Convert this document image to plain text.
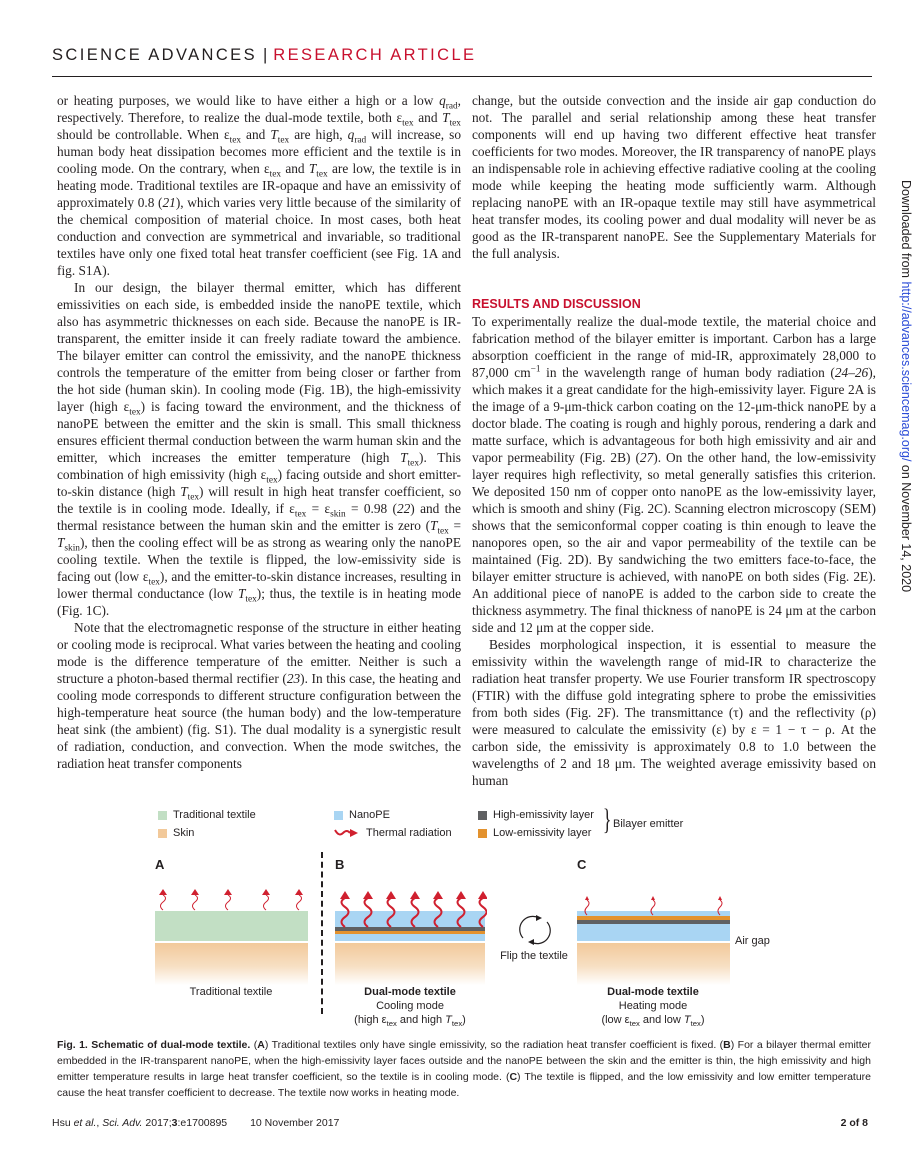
SCIENCE ADVANCES | RESEARCH ARTICLE

or heating purposes, we would like to have either a high or a low $q_{rad}$, respectively. Therefore, to realize the dual-mode textile, both $\varepsilon_{tex}$ and $T_{tex}$ should be controllable. When $\varepsilon_{tex}$ and $T_{tex}$ are high, $q_{rad}$ will increase, so human body heat dissipation becomes more efficient and the textile is in cooling mode. On the contrary, when $\varepsilon_{tex}$ and $T_{tex}$ are low, the textile is in heating mode. Traditional textiles are IR-opaque and have an emissivity of approximately 0.8 (21), which varies very little because of the similarity of the chemical composition of material choice. In most cases, both heat conduction and convection are symmetrical and invariable, so traditional textiles have only one fixed total heat transfer coefficient (see Fig. 1A and fig. S1A).

In our design, the bilayer thermal emitter, which has different emissivities on each side, is embedded inside the nanoPE textile, which also has asymmetric thicknesses on each side. Because the nanoPE is IR-transparent, the emitter inside it can freely radiate toward the ambience. The bilayer emitter can control the emissivity, and the nanoPE thickness controls the temperature of the emitter from being closer or farther from the hot side (human skin). In cooling mode (Fig. 1B), the high-emissivity layer (high $\varepsilon_{tex}$) is facing toward the environment, and the thickness of nanoPE between the emitter and the skin is small. This small thickness ensures efficient thermal conduction between the warm human skin and the emitter, which increases the emitter temperature (high $T_{tex}$). This combination of high emissivity (high $\varepsilon_{tex}$) facing outside and short emitter-to-skin distance (high $T_{tex}$) will result in high heat transfer coefficient, so the textile is in cooling mode. Ideally, if $\varepsilon_{tex} = \varepsilon_{skin} = 0.98$ (22) and the thermal resistance between the human skin and the emitter is zero $(T_{tex} = T_{skin})$, then the cooling effect will be as strong as wearing only the nanoPE cooling textile. When the textile is flipped, the low-emissivity side is facing out (low $\varepsilon_{tex}$), and the emitter-to-skin distance increases, resulting in lower thermal conductance (low $T_{tex}$); thus, the textile is in heating mode (Fig. 1C).

Note that the electromagnetic response of the structure in either heating or cooling mode is reciprocal. What varies between the heating and cooling mode is the difference temperature of the emitter. Neither is such a structure a photon-based thermal rectifier (23). In this case, the heating and cooling mode corresponds to different structure configuration between the high-temperature heat source (the human body) and the low-temperature heat sink (the ambient) (fig. S1). The dual modality is a synergistic result of radiation, conduction, and convection. When the mode switches, the radiation heat transfer components

change, but the outside convection and the inside air gap conduction do not. The parallel and serial relationship among these heat transfer components will end up having two different effective heat transfer coefficients for two modes. Moreover, the IR transparency of nanoPE plays an indispensable role in achieving effective radiative cooling at the cooling mode while keeping the heating mode sufficiently warm. Although replacing nanoPE with an IR-opaque textile may still have asymmetrical heat transfer modes, its cooling power and dual modality will never be as good as the IR-transparent nanoPE. See the Supplementary Materials for the full analysis.

RESULTS AND DISCUSSION

To experimentally realize the dual-mode textile, the material choice and fabrication method of the bilayer emitter is important. Carbon has a large absorption coefficient in the range of mid-IR, approximately 28,000 to 87,000 $cm^{-1}$ in the wavelength range of human body radiation (24–26), which makes it a great candidate for the high-emissivity layer. Figure 2A is the image of a 9-μm-thick carbon coating on the 12-μm-thick nanoPE by a doctor blade. The coating is rough and highly porous, rendering a dark and matte surface, which is advantageous for both high emissivity and air and vapor permeability (Fig. 2B) (27). On the other hand, the low-emissivity layer requires high reflectivity, so metal generally satisfies this criterion. We deposited 150 nm of copper onto nanoPE as the low-emissivity layer, which is smooth and shiny (Fig. 2C). Scanning electron microscopy (SEM) shows that the semiconformal copper coating is thin enough to leave the nanopores open, so the air and vapor permeability of the textile can be maintained (Fig. 2D). By sandwiching the two emitters face-to-face, the bilayer emitter structure is achieved, with nanoPE on both sides (Fig. 2E). An additional piece of nanoPE is added to the carbon side to create the thickness asymmetry. The final thickness of nanoPE is 24 μm at the carbon side and 12 μm at the copper side.

Besides morphological inspection, it is essential to measure the emissivity within the wavelength range of mid-IR to characterize the radiation heat transfer property. We use Fourier transform IR spectroscopy (FTIR) with the diffuse gold integrating sphere to probe the emissivities from both sides (Fig. 2F). The transmittance (τ) and the reflectivity (ρ) were measured to calculate the emissivity (ε) by ε = 1 − τ − ρ. At the carbon side, the emissivity is approximately 0.8 to 1.0 between the wavelengths of 2 and 18 μm. The weighted average emissivity based on human

Downloaded from http://advances.sciencemag.org/ on November 14, 2020
Traditional textile
Skin
NanoPE
Thermal radiation
High-emissivity layer
Low-emissivity layer } Bilayer emitter
A
Traditional textile
B
Dual-mode textile
Cooling mode
(high $\varepsilon_{tex}$ and high $T_{tex}$)
Flip the textile
C
Air gap
Dual-mode textile
Heating mode
(low $\varepsilon_{tex}$ and low $T_{tex}$)
Fig. 1. Schematic of dual-mode textile. (A) Traditional textiles only have single emissivity, so the radiation heat transfer coefficient is fixed. (B) For a bilayer thermal emitter embedded in the IR-transparent nanoPE, when the high-emissivity layer faces outside and the nanoPE between the skin and the emitter is thin, the high emissivity and high emitter temperature results in large heat transfer coefficient, so the textile is in cooling mode. (C) The textile is flipped, and the low emissivity and low emitter temperature cause the heat transfer coefficient to decrease. The textile now works in heating mode.
Hsu et al., Sci. Adv. 2017;3:e1700895 10 November 2017	2 of 8
